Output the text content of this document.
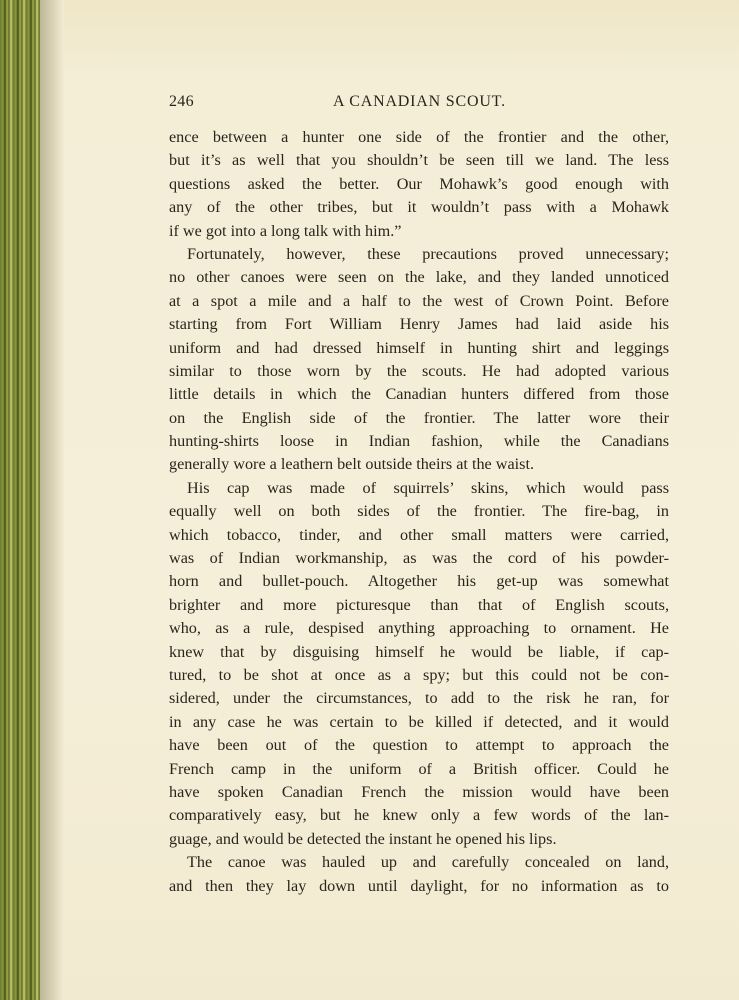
246	A CANADIAN SCOUT.
ence between a hunter one side of the frontier and the other,
but it’s as well that you shouldn’t be seen till we land. The less
questions asked the better. Our Mohawk’s good enough with
any of the other tribes, but it wouldn’t pass with a Mohawk
if we got into a long talk with him.”
Fortunately, however, these precautions proved unnecessary;
no other canoes were seen on the lake, and they landed unnoticed
at a spot a mile and a half to the west of Crown Point. Before
starting from Fort William Henry James had laid aside his
uniform and had dressed himself in hunting shirt and leggings
similar to those worn by the scouts. He had adopted various
little details in which the Canadian hunters differed from those
on the English side of the frontier. The latter wore their
hunting-shirts loose in Indian fashion, while the Canadians
generally wore a leathern belt outside theirs at the waist.
His cap was made of squirrels’ skins, which would pass
equally well on both sides of the frontier. The fire-bag, in
which tobacco, tinder, and other small matters were carried,
was of Indian workmanship, as was the cord of his powder-
horn and bullet-pouch. Altogether his get-up was somewhat
brighter and more picturesque than that of English scouts,
who, as a rule, despised anything approaching to ornament. He
knew that by disguising himself he would be liable, if cap-
tured, to be shot at once as a spy; but this could not be con-
sidered, under the circumstances, to add to the risk he ran, for
in any case he was certain to be killed if detected, and it would
have been out of the question to attempt to approach the
French camp in the uniform of a British officer. Could he
have spoken Canadian French the mission would have been
comparatively easy, but he knew only a few words of the lan-
guage, and would be detected the instant he opened his lips.
The canoe was hauled up and carefully concealed on land,
and then they lay down until daylight, for no information as to
